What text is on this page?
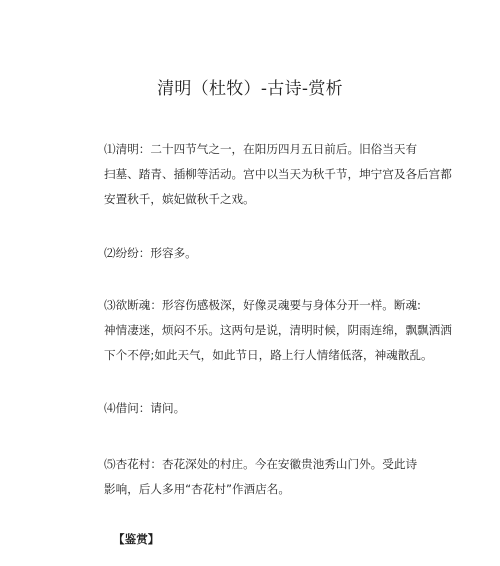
清明（杜牧）-古诗-赏析
⑴清明：二十四节气之一，在阳历四月五日前后。旧俗当天有
扫墓、踏青、插柳等活动。宫中以当天为秋千节，坤宁宫及各后宫都
安置秋千，嫔妃做秋千之戏。
⑵纷纷：形容多。
⑶欲断魂：形容伤感极深，好像灵魂要与身体分开一样。断魂:
神情凄迷，烦闷不乐。这两句是说，清明时候，阴雨连绵，飘飘洒洒
下个不停;如此天气，如此节日，路上行人情绪低落，神魂散乱。
⑷借问：请问。
⑸杏花村：杏花深处的村庄。今在安徽贵池秀山门外。受此诗
影响，后人多用“杏花村”作酒店名。
【鉴赏】
